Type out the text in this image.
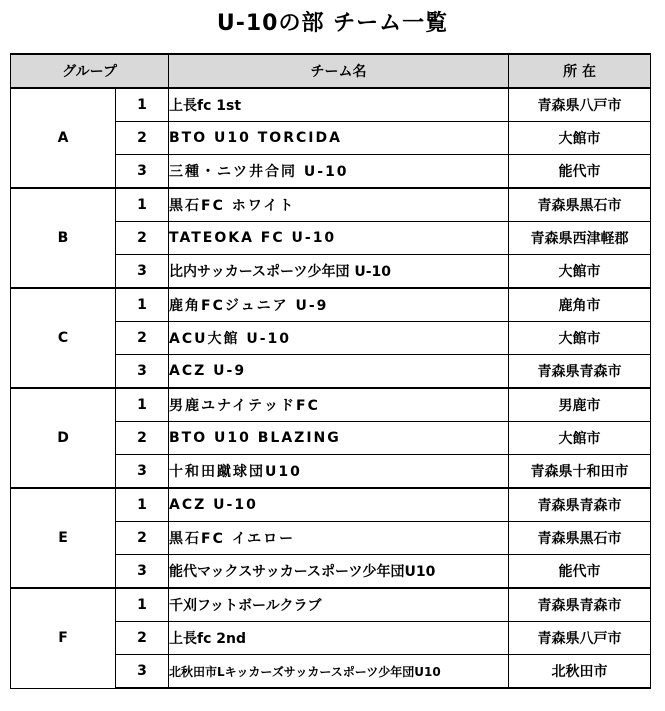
U-10の部 チーム一覧
グループ		チーム名	所 在
A	1	上長fc 1st	青森県八戸市
	2	BTO U10 TORCIDA	大館市
	3	三種・ニツ井合同 U-10	能代市
B	1	黒石FC ホワイト	青森県黒石市
	2	TATEOKA FC U-10	青森県西津軽郡
	3	比内サッカースポーツ少年団 U-10	大館市
C	1	鹿角FCジュニア U-9	鹿角市
	2	ACU大館 U-10	大館市
	3	ACZ U-9	青森県青森市
D	1	男鹿ユナイテッドFC	男鹿市
	2	BTO U10 BLAZING	大館市
	3	十和田蹴球団U10	青森県十和田市
E	1	ACZ U-10	青森県青森市
	2	黒石FC イエロー	青森県黒石市
	3	能代マックスサッカースポーツ少年団U10	能代市
F	1	千刈フットボールクラブ	青森県青森市
	2	上長fc 2nd	青森県八戸市
	3	北秋田市Lキッカーズサッカースポーツ少年団U10	北秋田市
